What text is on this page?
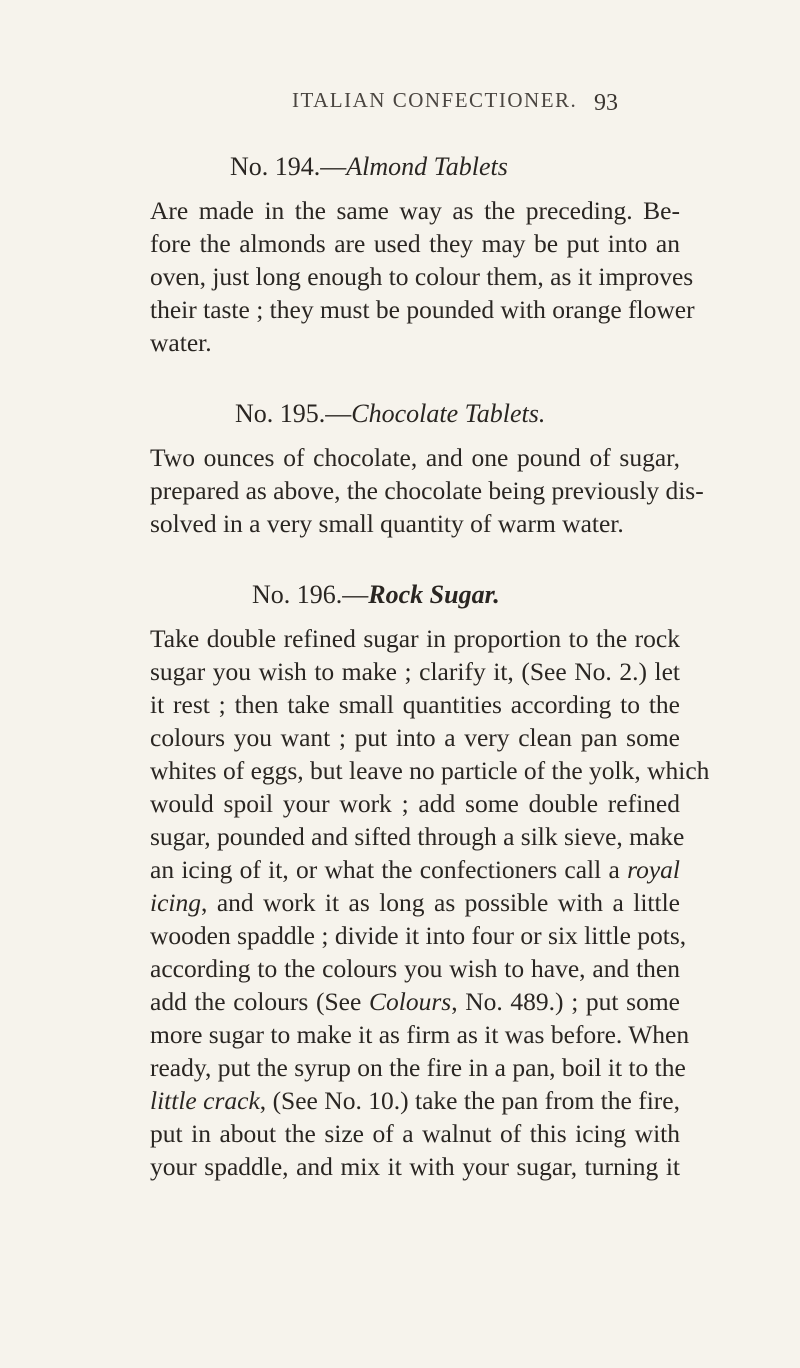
ITALIAN CONFECTIONER. 93
No. 194.—Almond Tablets
Are made in the same way as the preceding. Be-
fore the almonds are used they may be put into an
oven, just long enough to colour them, as it improves
their taste ; they must be pounded with orange flower
water.
No. 195.—Chocolate Tablets.
Two ounces of chocolate, and one pound of sugar,
prepared as above, the chocolate being previously dis-
solved in a very small quantity of warm water.
No. 196.—Rock Sugar.
Take double refined sugar in proportion to the rock
sugar you wish to make ; clarify it, (See No. 2.) let
it rest ; then take small quantities according to the
colours you want ; put into a very clean pan some
whites of eggs, but leave no particle of the yolk, which
would spoil your work ; add some double refined
sugar, pounded and sifted through a silk sieve, make
an icing of it, or what the confectioners call a royal
icing, and work it as long as possible with a little
wooden spaddle ; divide it into four or six little pots,
according to the colours you wish to have, and then
add the colours (See Colours, No. 489.) ; put some
more sugar to make it as firm as it was before. When
ready, put the syrup on the fire in a pan, boil it to the
little crack, (See No. 10.) take the pan from the fire,
put in about the size of a walnut of this icing with
your spaddle, and mix it with your sugar, turning it
